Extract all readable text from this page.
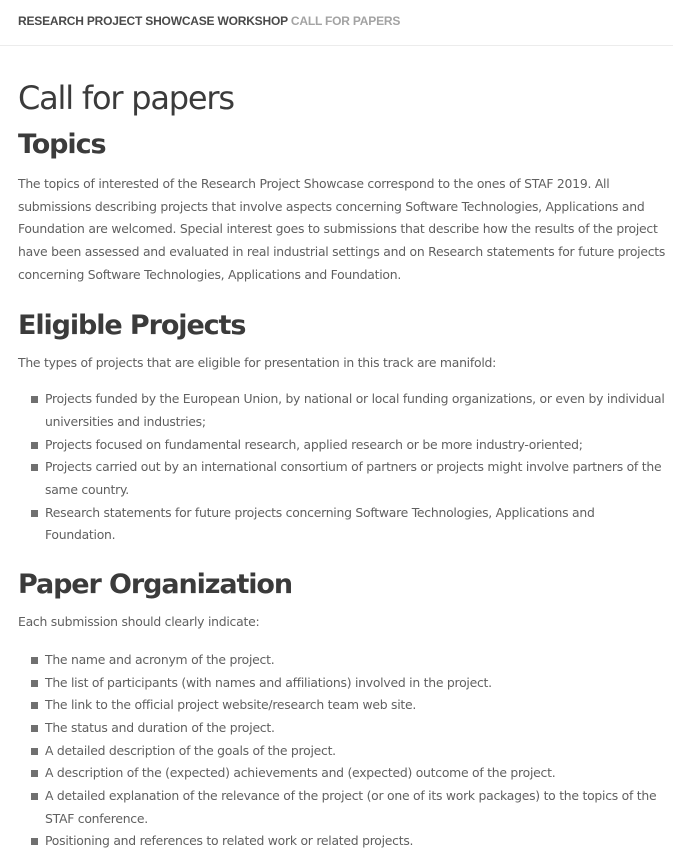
RESEARCH PROJECT SHOWCASE WORKSHOP CALL FOR PAPERS
Call for papers
Topics

The topics of interested of the Research Project Showcase correspond to the ones of STAF 2019. All submissions describing projects that involve aspects concerning Software Technologies, Applications and Foundation are welcomed. Special interest goes to submissions that describe how the results of the project have been assessed and evaluated in real industrial settings and on Research statements for future projects concerning Software Technologies, Applications and Foundation.

Eligible Projects

The types of projects that are eligible for presentation in this track are manifold:

Projects funded by the European Union, by national or local funding organizations, or even by individual universities and industries;
Projects focused on fundamental research, applied research or be more industry-oriented;
Projects carried out by an international consortium of partners or projects might involve partners of the same country.
Research statements for future projects concerning Software Technologies, Applications and Foundation.
Paper Organization

Each submission should clearly indicate:

The name and acronym of the project.
The list of participants (with names and affiliations) involved in the project.
The link to the official project website/research team web site.
The status and duration of the project.
A detailed description of the goals of the project.
A description of the (expected) achievements and (expected) outcome of the project.
A detailed explanation of the relevance of the project (or one of its work packages) to the topics of the STAF conference.
Positioning and references to related work or related projects.
